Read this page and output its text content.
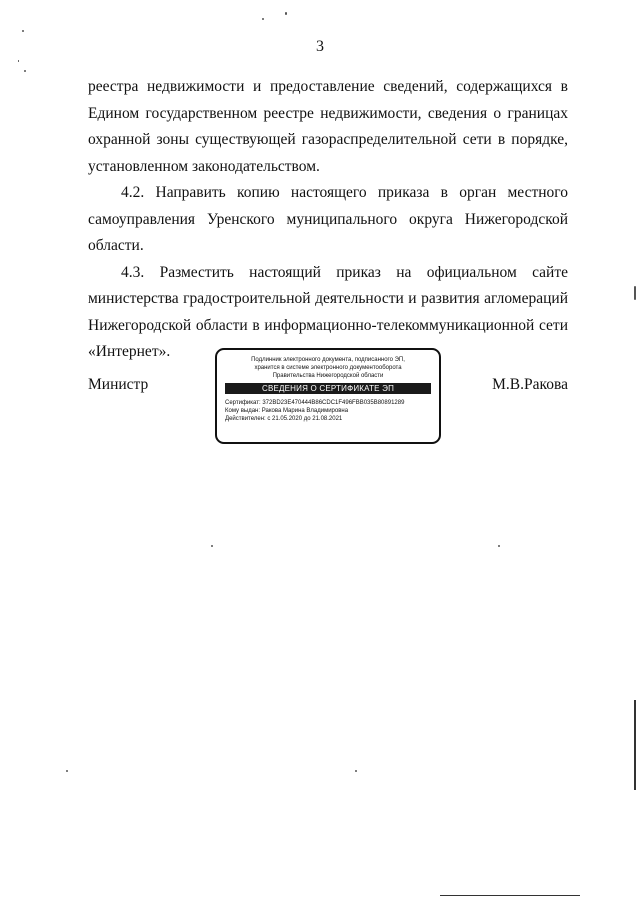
3

реестра недвижимости и предоставление сведений, содержащихся в Едином государственном реестре недвижимости, сведения о границах охранной зоны существующей газораспределительной сети в порядке, установленном законодательством.

4.2. Направить копию настоящего приказа в орган местного самоуправления Уренского муниципального округа Нижегородской области.

4.3. Разместить настоящий приказ на официальном сайте министерства градостроительной деятельности и развития агломераций Нижегородской области в информационно-телекоммуникационной сети «Интернет».

Министр	М.В.Ракова
Подлинник электронного документа, подписанного ЭП,
хранится в системе электронного документооборота
Правительства Нижегородской области
СВЕДЕНИЯ О СЕРТИФИКАТЕ ЭП
Сертификат: 372BD23E470444B86CDC1F496FBB035B80891289
Кому выдан: Ракова Марина Владимировна
Действителен: с 21.05.2020 до 21.08.2021
